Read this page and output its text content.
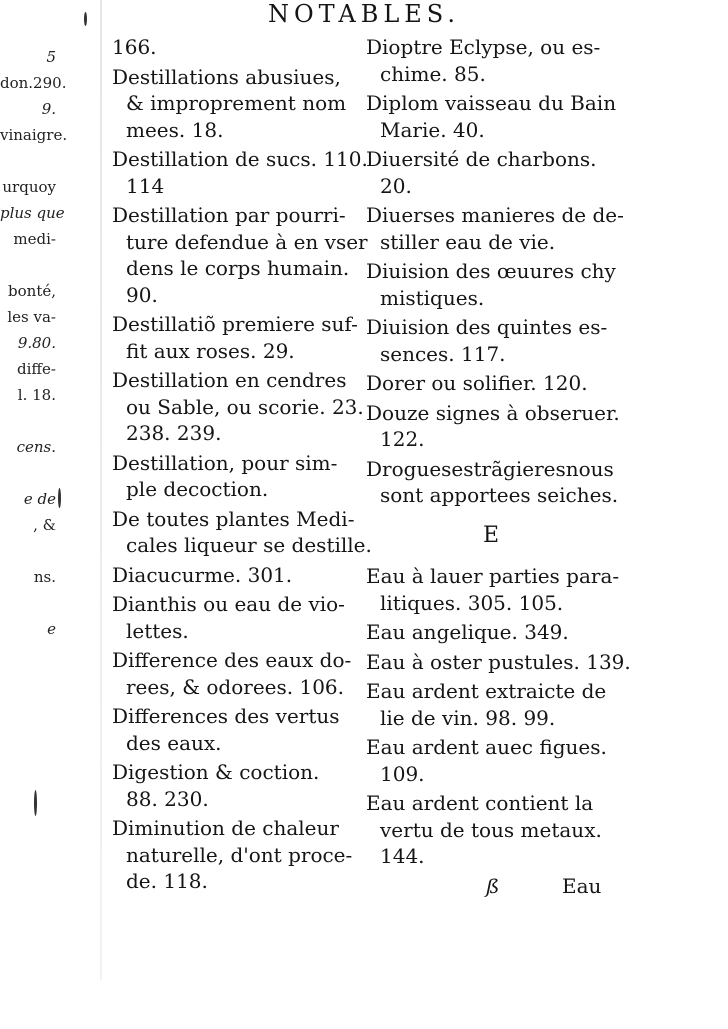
NOTABLES.
5
don.290.
9.
vinaigre.
urquoy
plus que
medi-
bonté,
les va-
9.80.
diffe-
l. 18.
cens.
e de
, &
ns.
e
166.
Destillations abusiues,
& improprement nom
mees. 18.
Destillation de sucs. 110.
114
Destillation par pourri-
ture defendue à en vser
dens le corps humain.
90.
Destillatiõ premiere suf-
fit aux roses. 29.
Destillation en cendres
ou Sable, ou scorie. 23.
238. 239.
Destillation, pour sim-
ple decoction.
De toutes plantes Medi-
cales liqueur se destille.
Diacucurme. 301.
Dianthis ou eau de vio-
lettes.
Difference des eaux do-
rees, & odorees. 106.
Differences des vertus
des eaux.
Digestion & coction.
88. 230.
Diminution de chaleur
naturelle, d'ont proce-
de. 118.
Dioptre Eclypse, ou es-
chime. 85.
Diplom vaisseau du Bain
Marie. 40.
Diuersité de charbons.
20.
Diuerses manieres de de-
stiller eau de vie.
Diuision des œuures chy
mistiques.
Diuision des quintes es-
sences. 117.
Dorer ou solifier. 120.
Douze signes à obseruer.
122.
Droguesestrãgieresnous
sont apportees seiches.
E
Eau à lauer parties para-
litiques. 305. 105.
Eau angelique. 349.
Eau à oster pustules. 139.
Eau ardent extraicte de
lie de vin. 98. 99.
Eau ardent auec figues.
109.
Eau ardent contient la
vertu de tous metaux.
144.
ß	Eau
